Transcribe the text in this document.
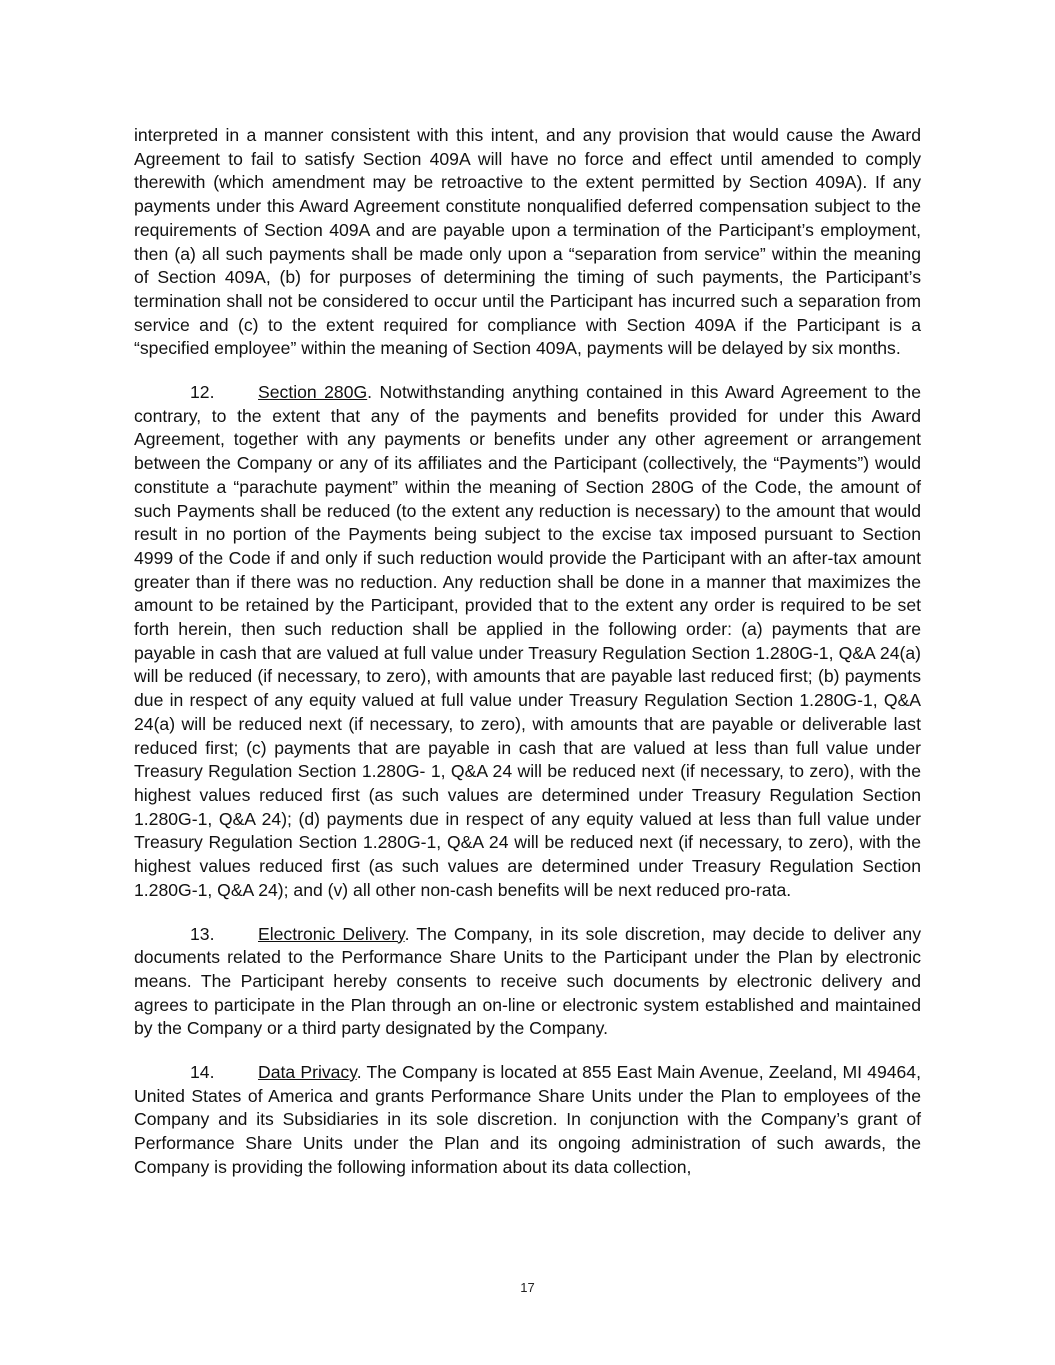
interpreted in a manner consistent with this intent, and any provision that would cause the Award Agreement to fail to satisfy Section 409A will have no force and effect until amended to comply therewith (which amendment may be retroactive to the extent permitted by Section 409A). If any payments under this Award Agreement constitute nonqualified deferred compensation subject to the requirements of Section 409A and are payable upon a termination of the Participant’s employment, then (a) all such payments shall be made only upon a “separation from service” within the meaning of Section 409A, (b) for purposes of determining the timing of such payments, the Participant’s termination shall not be considered to occur until the Participant has incurred such a separation from service and (c) to the extent required for compliance with Section 409A if the Participant is a “specified employee” within the meaning of Section 409A, payments will be delayed by six months.

12. Section 280G. Notwithstanding anything contained in this Award Agreement to the contrary, to the extent that any of the payments and benefits provided for under this Award Agreement, together with any payments or benefits under any other agreement or arrangement between the Company or any of its affiliates and the Participant (collectively, the “Payments”) would constitute a “parachute payment” within the meaning of Section 280G of the Code, the amount of such Payments shall be reduced (to the extent any reduction is necessary) to the amount that would result in no portion of the Payments being subject to the excise tax imposed pursuant to Section 4999 of the Code if and only if such reduction would provide the Participant with an after-tax amount greater than if there was no reduction. Any reduction shall be done in a manner that maximizes the amount to be retained by the Participant, provided that to the extent any order is required to be set forth herein, then such reduction shall be applied in the following order: (a) payments that are payable in cash that are valued at full value under Treasury Regulation Section 1.280G-1, Q&A 24(a) will be reduced (if necessary, to zero), with amounts that are payable last reduced first; (b) payments due in respect of any equity valued at full value under Treasury Regulation Section 1.280G-1, Q&A 24(a) will be reduced next (if necessary, to zero), with amounts that are payable or deliverable last reduced first; (c) payments that are payable in cash that are valued at less than full value under Treasury Regulation Section 1.280G- 1, Q&A 24 will be reduced next (if necessary, to zero), with the highest values reduced first (as such values are determined under Treasury Regulation Section 1.280G-1, Q&A 24); (d) payments due in respect of any equity valued at less than full value under Treasury Regulation Section 1.280G-1, Q&A 24 will be reduced next (if necessary, to zero), with the highest values reduced first (as such values are determined under Treasury Regulation Section 1.280G-1, Q&A 24); and (v) all other non-cash benefits will be next reduced pro-rata.

13. Electronic Delivery. The Company, in its sole discretion, may decide to deliver any documents related to the Performance Share Units to the Participant under the Plan by electronic means. The Participant hereby consents to receive such documents by electronic delivery and agrees to participate in the Plan through an on-line or electronic system established and maintained by the Company or a third party designated by the Company.

14. Data Privacy. The Company is located at 855 East Main Avenue, Zeeland, MI 49464, United States of America and grants Performance Share Units under the Plan to employees of the Company and its Subsidiaries in its sole discretion. In conjunction with the Company’s grant of Performance Share Units under the Plan and its ongoing administration of such awards, the Company is providing the following information about its data collection,

17
